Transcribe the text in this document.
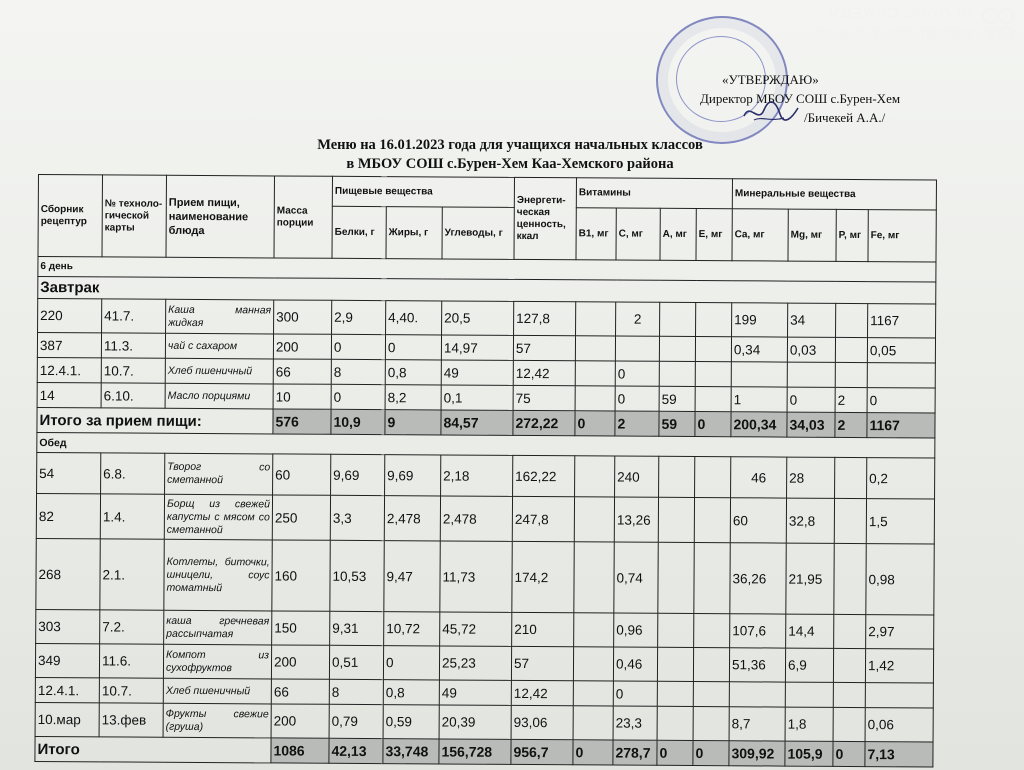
REDMI NOTE 9 PRO
AI QUAD CAMERA
«УТВЕРЖДАЮ»
Директор МБОУ СОШ с.Бурен-Хем
/Бичекей А.А./
Меню на 16.01.2023 года для учащихся начальных классов
в МБОУ СОШ с.Бурен-Хем Каа-Хемского района
Сборник рецептур	№ техноло-гической карты	Прием пищи, наименование блюда	Масса порции	Пищевые вещества			Энергети-ческая ценность, ккал	Витамины				Минеральные вещества			
				Белки, г	Жиры, г	Углеводы, г		B1, мг	C, мг	A, мг	E, мг	Ca, мг	Mg, мг	P, мг	Fe, мг
6 день															
Завтрак															
220	41.7.	Каша манная жидкая	300	2,9	4,40.	20,5	127,8		2			199	34		1167
387	11.3.	чай с сахаром	200	0	0	14,97	57					0,34	0,03		0,05
12.4.1.	10.7.	Хлеб пшеничный	66	8	0,8	49	12,42		0						
14	6.10.	Масло порциями	10	0	8,2	0,1	75		0	59		1	0	2	0
Итого за прием пищи:			576	10,9	9	84,57	272,22	0	2	59	0	200,34	34,03	2	1167
Обед															
54	6.8.	Творог со сметанной	60	9,69	9,69	2,18	162,22		240			46	28		0,2
82	1.4.	Борщ из свежей капусты с мясом со сметанной	250	3,3	2,478	2,478	247,8		13,26			60	32,8		1,5
268	2.1.	Котлеты, биточки, шницели, соус томатный	160	10,53	9,47	11,73	174,2		0,74			36,26	21,95		0,98
303	7.2.	каша гречневая рассыпчатая	150	9,31	10,72	45,72	210		0,96			107,6	14,4		2,97
349	11.6.	Компот из сухофруктов	200	0,51	0	25,23	57		0,46			51,36	6,9		1,42
12.4.1.	10.7.	Хлеб пшеничный	66	8	0,8	49	12,42		0						
10.мар	13.фев	Фрукты свежие (груша)	200	0,79	0,59	20,39	93,06		23,3			8,7	1,8		0,06
Итого			1086	42,13	33,748	156,728	956,7	0	278,7	0	0	309,92	105,9	0	7,13
